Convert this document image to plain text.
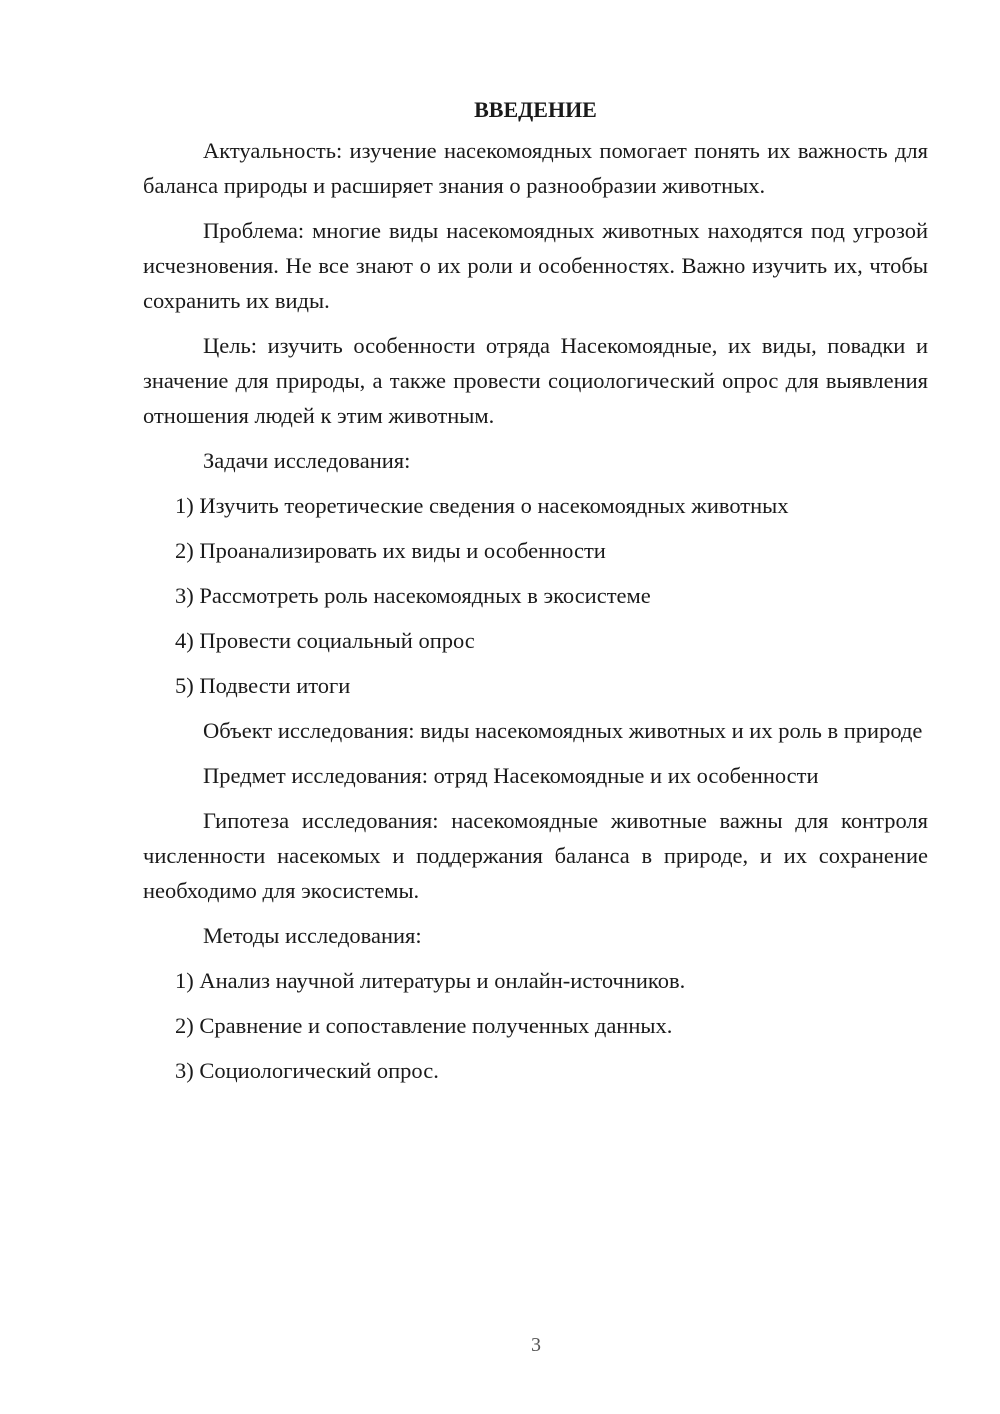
ВВЕДЕНИЕ

Актуальность: изучение насекомоядных помогает понять их важность для баланса природы и расширяет знания о разнообразии животных.

Проблема: многие виды насекомоядных животных находятся под угрозой исчезновения. Не все знают о их роли и особенностях. Важно изучить их, чтобы сохранить их виды.

Цель: изучить особенности отряда Насекомоядные, их виды, повадки и значение для природы, а также провести социологический опрос для выявления отношения людей к этим животным.

Задачи исследования:

1) Изучить теоретические сведения о насекомоядных животных

2) Проанализировать их виды и особенности

3) Рассмотреть роль насекомоядных в экосистеме

4) Провести социальный опрос

5) Подвести итоги

Объект исследования: виды насекомоядных животных и их роль в природе

Предмет исследования: отряд Насекомоядные и их особенности

Гипотеза исследования: насекомоядные животные важны для контроля численности насекомых и поддержания баланса в природе, и их сохранение необходимо для экосистемы.

Методы исследования:

1) Анализ научной литературы и онлайн-источников.

2) Сравнение и сопоставление полученных данных.

3) Социологический опрос.

3
